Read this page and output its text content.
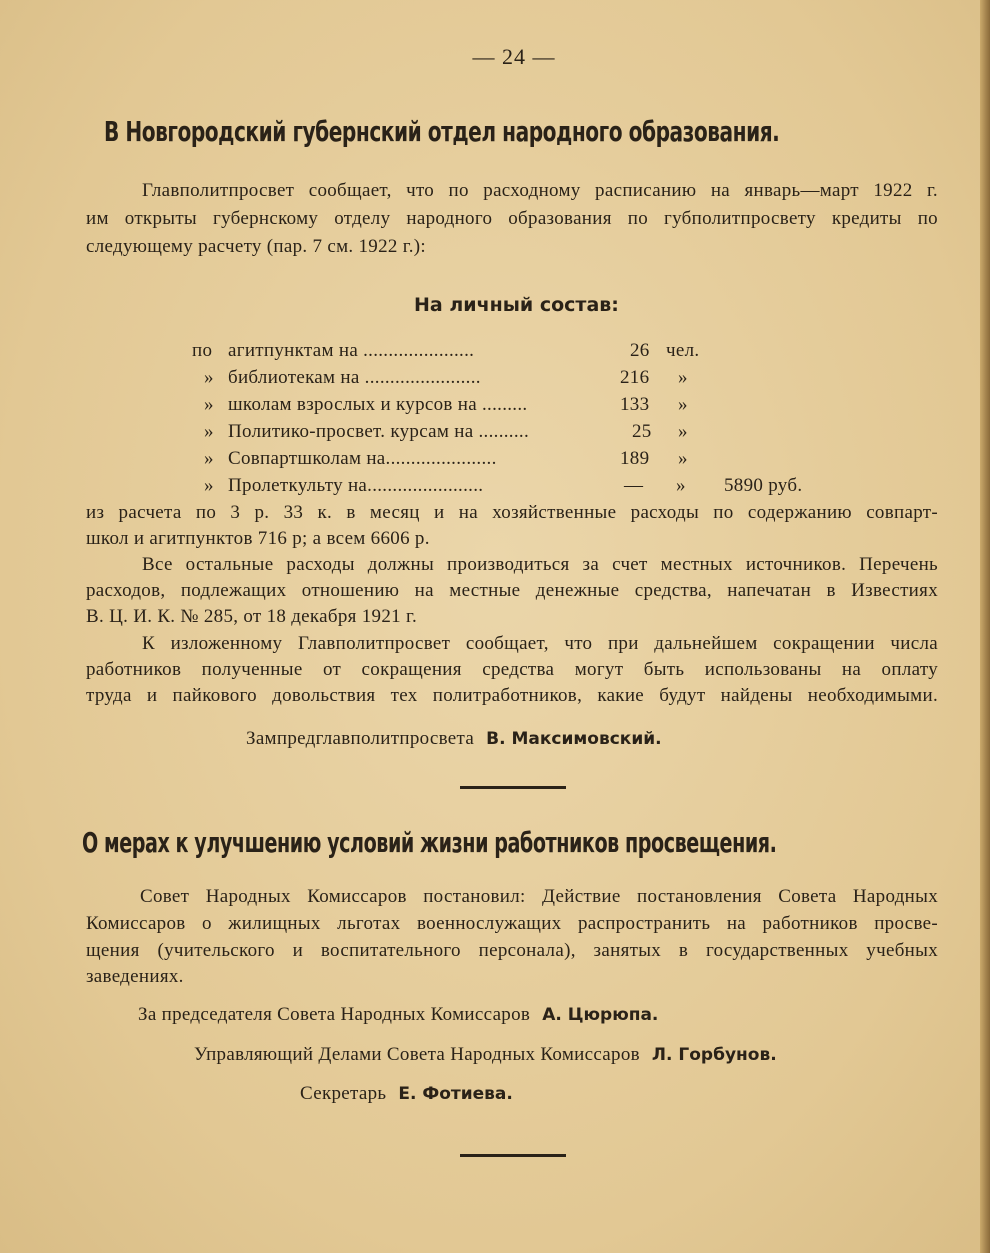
— 24 —
В Новгородский губернский отдел народного образования.
Главполитпросвет сообщает, что по расходному расписанию на январь—март 1922 г.
им открыты губернскому отделу народного образования по губполитпросвету кредиты по
следующему расчету (пар. 7 см. 1922 г.):
На личный состав:
по агитпунктам на ......................	26 чел.
» библиотекам на .......................	216 »
» школам взрослых и курсов на .........	133 »
» Политико-просвет. курсам на ..........	25 »
» Совпартшколам на......................	189 »
» Пролеткульту на.......................	— » 5890 руб.
из расчета по 3 р. 33 к. в месяц и на хозяйственные расходы по содержанию совпарт-
школ и агитпунктов 716 р; а всем 6606 р.
Все остальные расходы должны производиться за счет местных источников. Перечень
расходов, подлежащих отношению на местные денежные средства, напечатан в Известиях
В. Ц. И. К. № 285, от 18 декабря 1921 г.
К изложенному Главполитпросвет сообщает, что при дальнейшем сокращении числа
работников полученные от сокращения средства могут быть использованы на оплату
труда и пайкового довольствия тех политработников, какие будут найдены необходимыми.
Зампредглавполитпросвета В. Максимовский.
О мерах к улучшению условий жизни работников просвещения.
Совет Народных Комиссаров постановил: Действие постановления Совета Народных
Комиссаров о жилищных льготах военнослужащих распространить на работников просве-
щения (учительского и воспитательного персонала), занятых в государственных учебных
заведениях.
За председателя Совета Народных Комиссаров А. Цюрюпа.
Управляющий Делами Совета Народных Комиссаров Л. Горбунов.
Секретарь Е. Фотиева.
